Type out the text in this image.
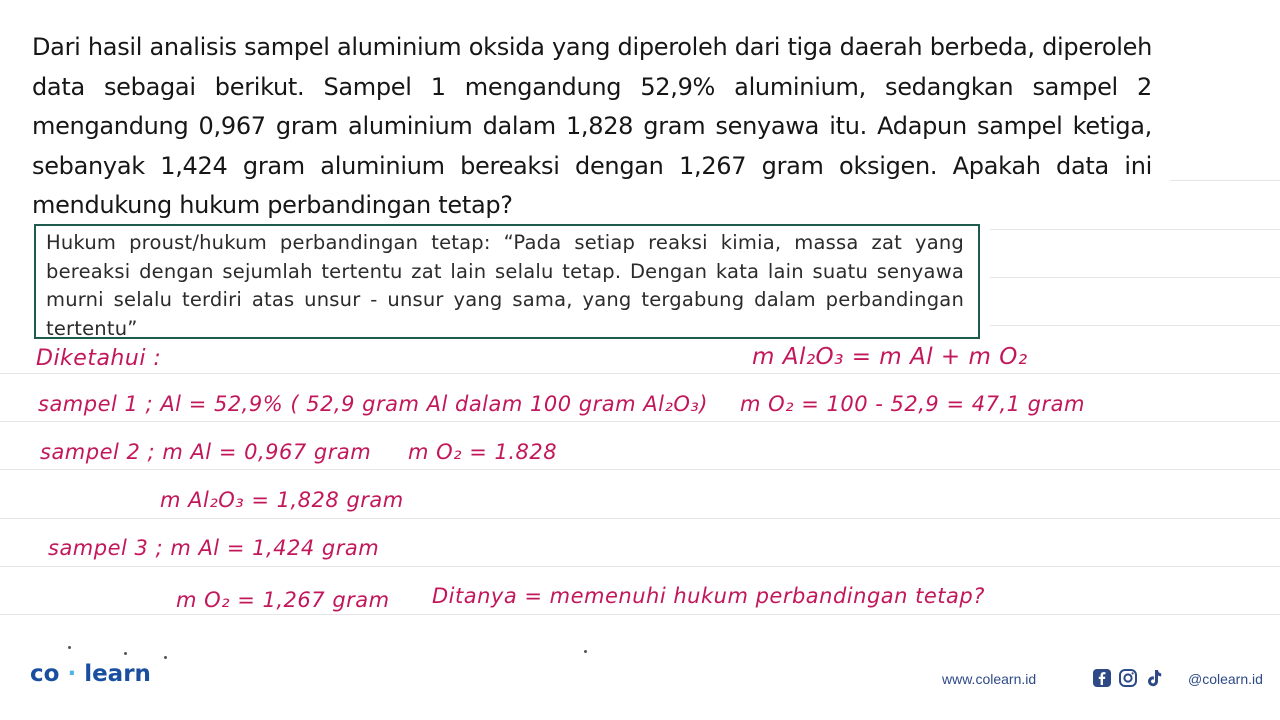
Dari hasil analisis sampel aluminium oksida yang diperoleh dari tiga daerah berbeda, diperoleh data sebagai berikut. Sampel 1 mengandung 52,9% aluminium, sedangkan sampel 2 mengandung 0,967 gram aluminium dalam 1,828 gram senyawa itu. Adapun sampel ketiga, sebanyak 1,424 gram aluminium bereaksi dengan 1,267 gram oksigen. Apakah data ini mendukung hukum perbandingan tetap?

Hukum proust/hukum perbandingan tetap: “Pada setiap reaksi kimia, massa zat yang bereaksi dengan sejumlah tertentu zat lain selalu tetap. Dengan kata lain suatu senyawa murni selalu terdiri atas unsur - unsur yang sama, yang tergabung dalam perbandingan tertentu”

Diketahui :	m Al₂O₃ = m Al + m O₂
sampel 1 ; Al = 52,9% ( 52,9 gram Al dalam 100 gram Al₂O₃) m O₂ = 100 - 52,9 = 47,1 gram
sampel 2 ; m Al = 0,967 gram m O₂ = 1.828
m Al₂O₃ = 1,828 gram
sampel 3 ; m Al = 1,424 gram
m O₂ = 1,267 gram Ditanya = memenuhi hukum perbandingan tetap?
co · learn	www.colearn.id	@colearn.id
